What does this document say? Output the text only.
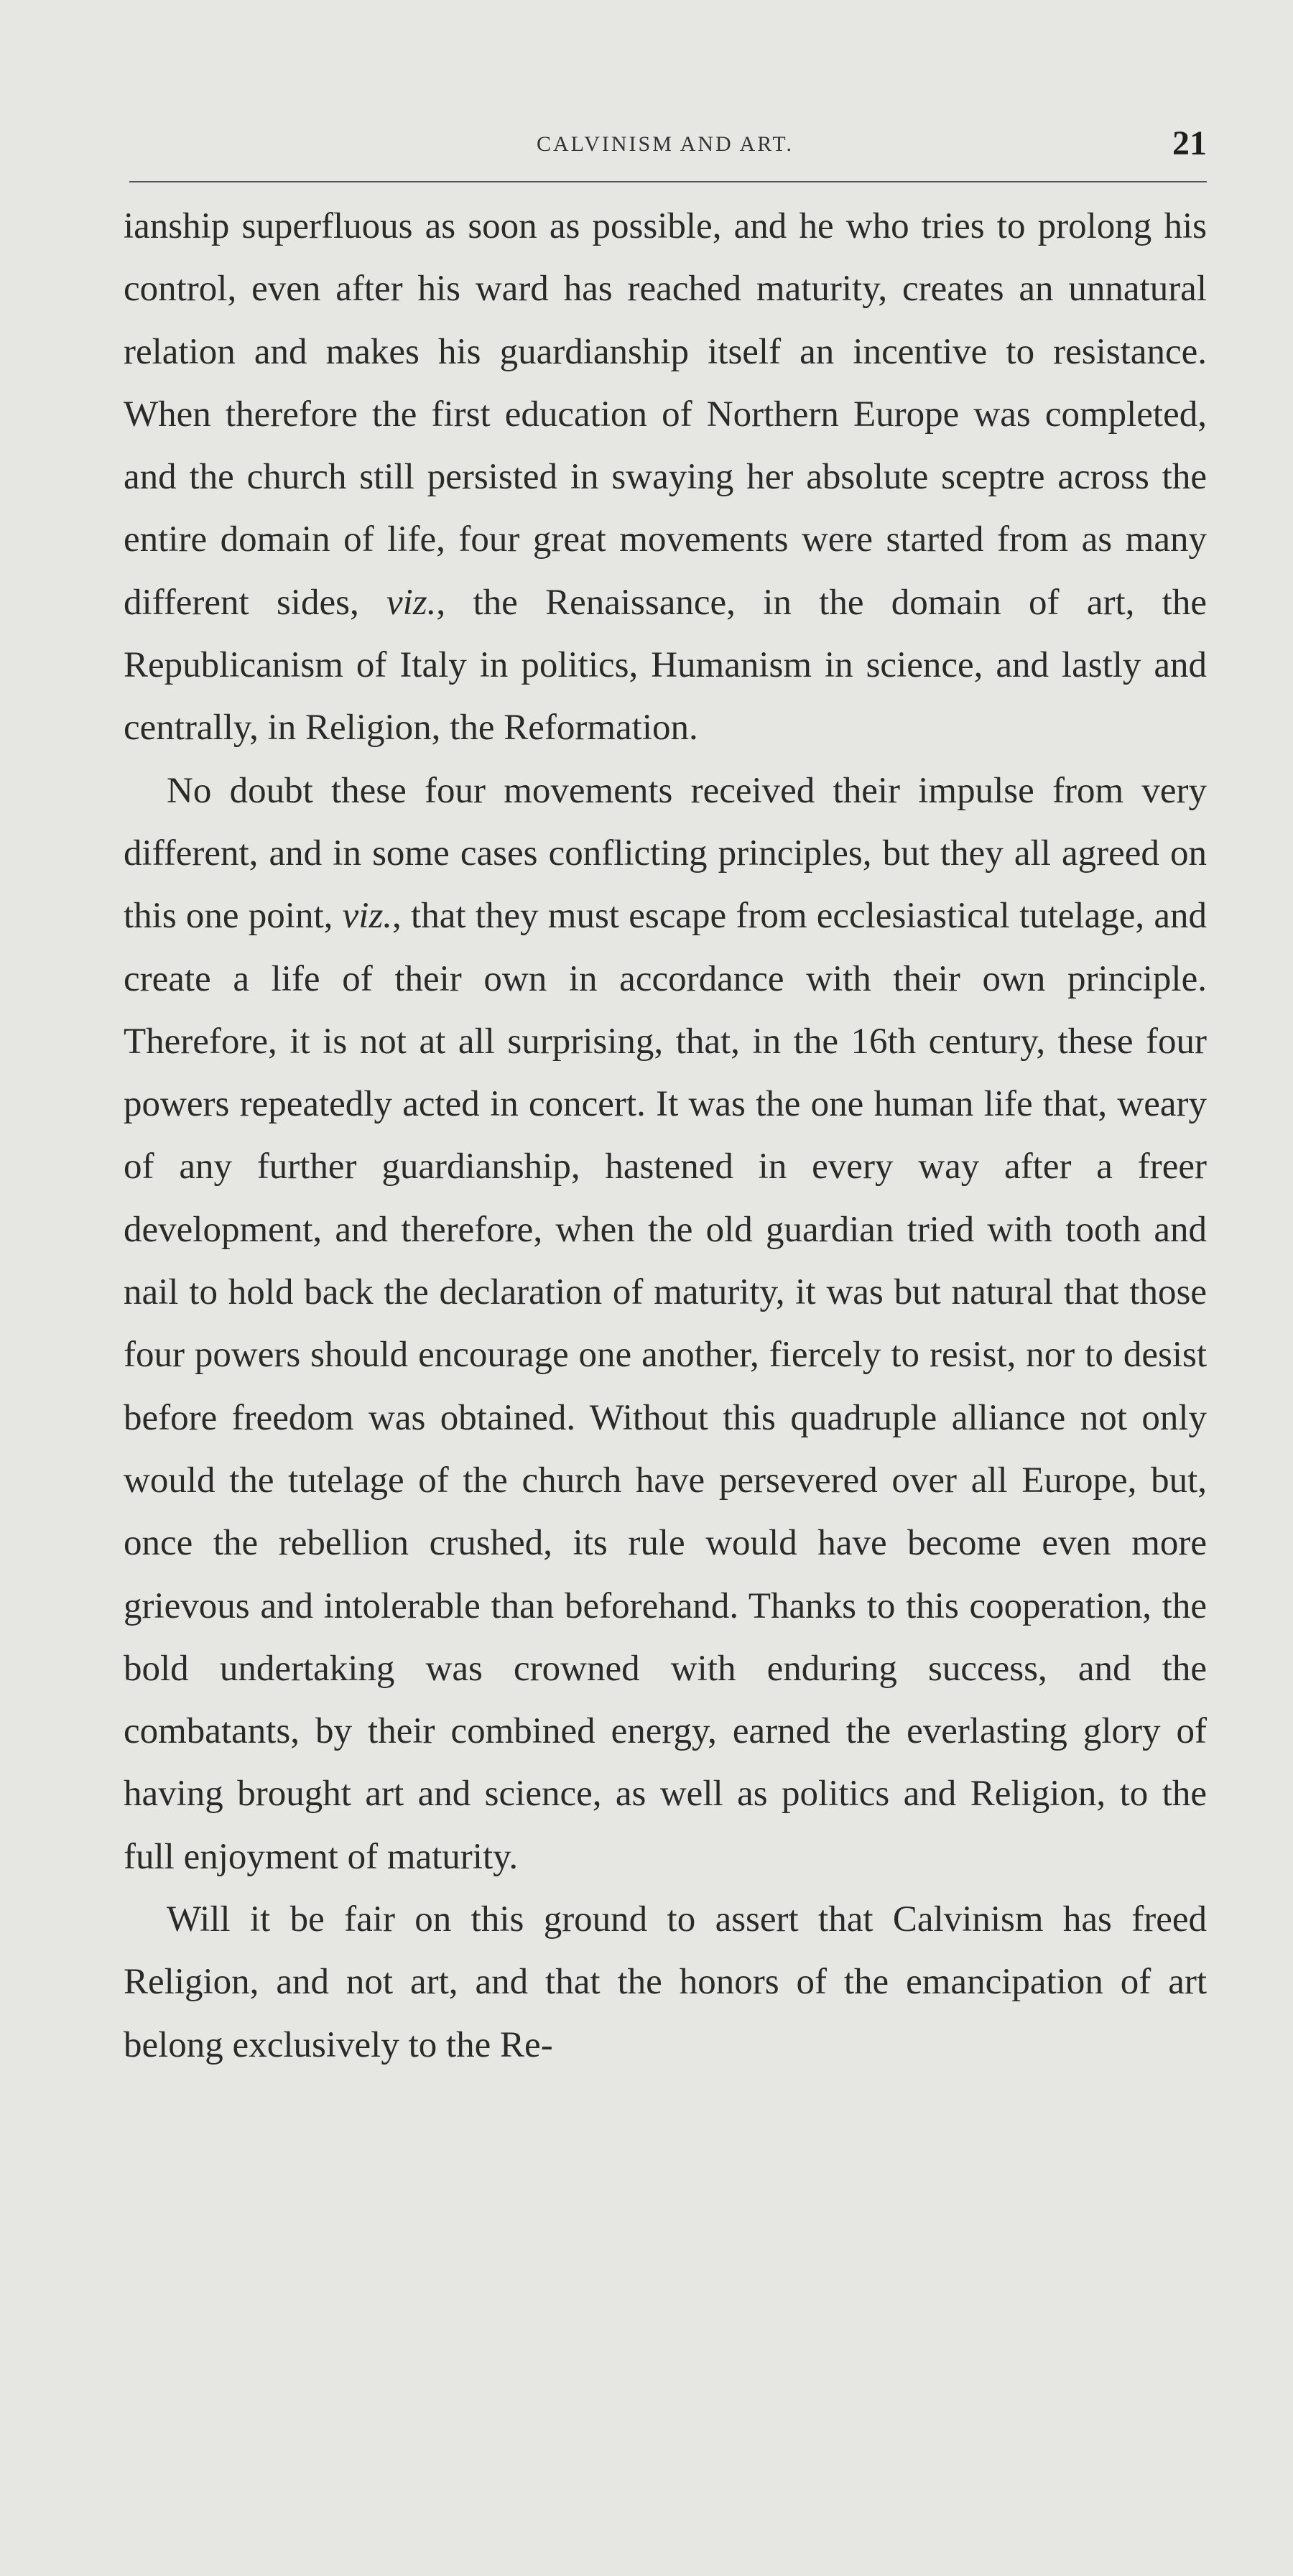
CALVINISM AND ART.	21

ianship superfluous as soon as possible, and he who tries to prolong his control, even after his ward has reached maturity, creates an unnatural relation and makes his guardianship itself an incentive to resistance. When therefore the first education of Northern Europe was completed, and the church still persisted in swaying her absolute sceptre across the entire domain of life, four great movements were started from as many different sides, viz., the Renaissance, in the domain of art, the Republicanism of Italy in politics, Humanism in science, and lastly and centrally, in Religion, the Reformation.

No doubt these four movements received their impulse from very different, and in some cases conflicting principles, but they all agreed on this one point, viz., that they must escape from ecclesiastical tutelage, and create a life of their own in accordance with their own principle. Therefore, it is not at all surprising, that, in the 16th century, these four powers repeatedly acted in concert. It was the one human life that, weary of any further guardianship, hastened in every way after a freer development, and therefore, when the old guardian tried with tooth and nail to hold back the declaration of maturity, it was but natural that those four powers should encourage one another, fiercely to resist, nor to desist before freedom was obtained. Without this quadruple alliance not only would the tutelage of the church have persevered over all Europe, but, once the rebellion crushed, its rule would have become even more grievous and intolerable than beforehand. Thanks to this cooperation, the bold undertaking was crowned with enduring success, and the combatants, by their combined energy, earned the everlasting glory of having brought art and science, as well as politics and Religion, to the full enjoyment of maturity.

Will it be fair on this ground to assert that Calvinism has freed Religion, and not art, and that the honors of the emancipation of art belong exclusively to the Re-
